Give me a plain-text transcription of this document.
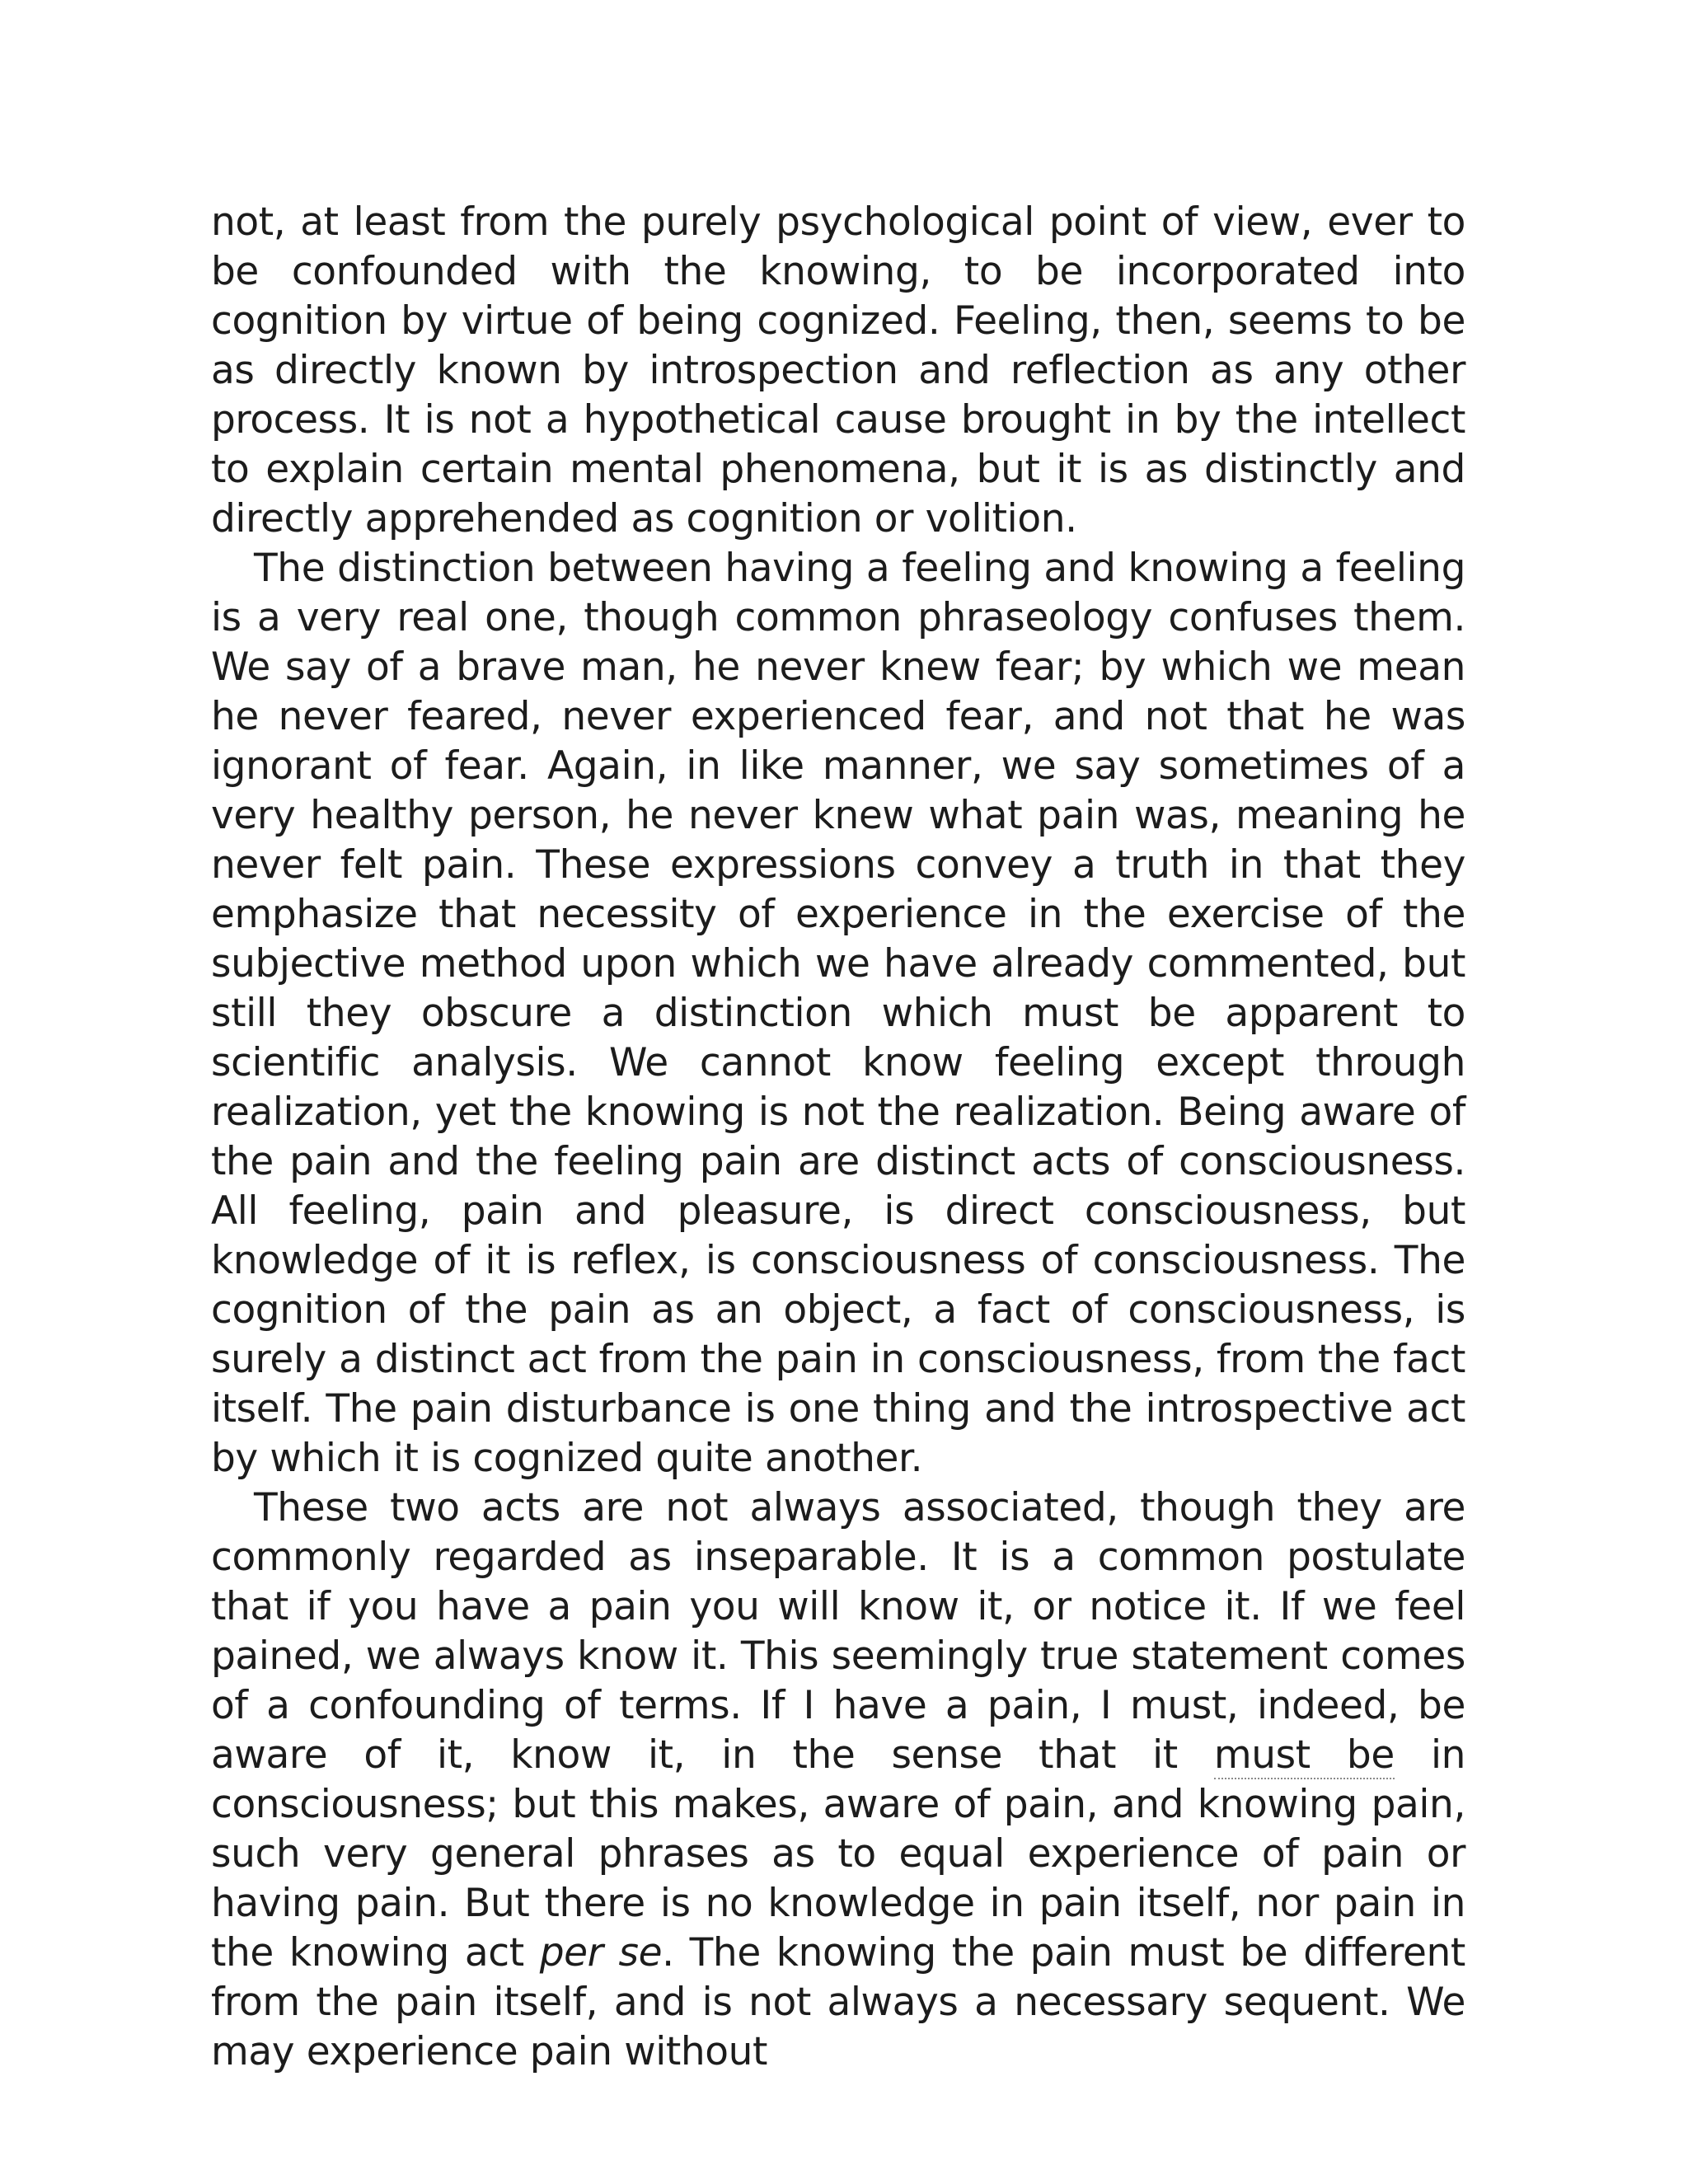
not, at least from the purely psychological point of view, ever to be confounded with the knowing, to be incorporated into cognition by virtue of being cognized. Feeling, then, seems to be as directly known by introspection and reflection as any other process. It is not a hypothetical cause brought in by the intellect to explain certain mental phenomena, but it is as distinctly and directly apprehended as cognition or volition.

The distinction between having a feeling and knowing a feeling is a very real one, though common phraseology confuses them. We say of a brave man, he never knew fear; by which we mean he never feared, never experienced fear, and not that he was ignorant of fear. Again, in like manner, we say sometimes of a very healthy person, he never knew what pain was, meaning he never felt pain. These expressions convey a truth in that they emphasize that necessity of experience in the exercise of the subjective method upon which we have already commented, but still they obscure a distinction which must be apparent to scientific analysis. We cannot know feeling except through realization, yet the knowing is not the realization. Being aware of the pain and the feeling pain are distinct acts of consciousness. All feeling, pain and pleasure, is direct consciousness, but knowledge of it is reflex, is consciousness of consciousness. The cognition of the pain as an object, a fact of consciousness, is surely a distinct act from the pain in consciousness, from the fact itself. The pain disturbance is one thing and the introspective act by which it is cognized quite another.

These two acts are not always associated, though they are commonly regarded as inseparable. It is a common postulate that if you have a pain you will know it, or notice it. If we feel pained, we always know it. This seemingly true statement comes of a confounding of terms. If I have a pain, I must, indeed, be aware of it, know it, in the sense that it must be in consciousness; but this makes, aware of pain, and knowing pain, such very general phrases as to equal experience of pain or having pain. But there is no knowledge in pain itself, nor pain in the knowing act per se. The knowing the pain must be different from the pain itself, and is not always a necessary sequent. We may experience pain without
